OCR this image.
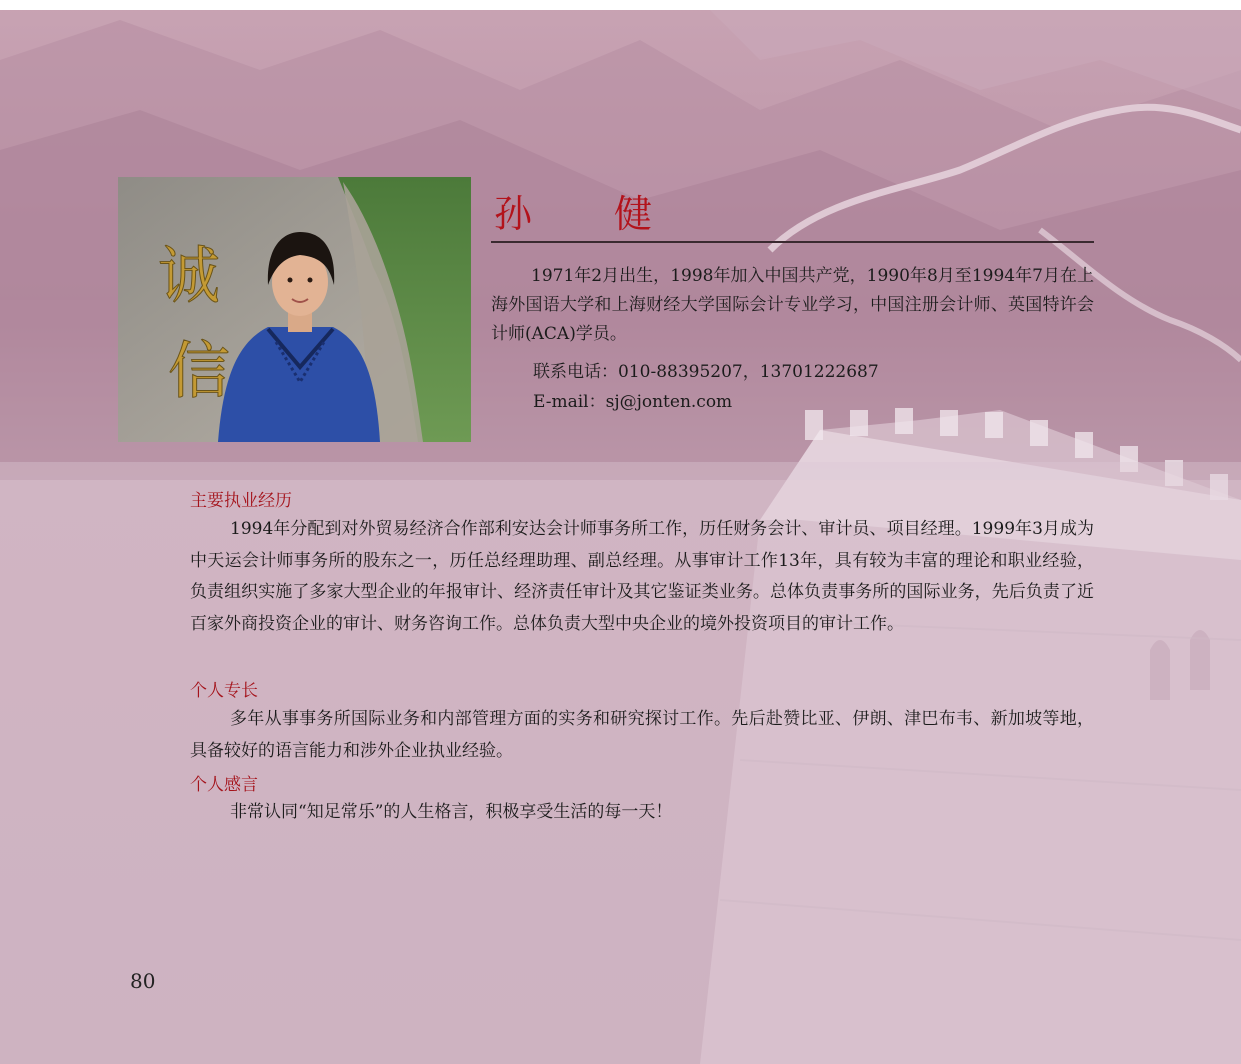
诚
信
孙　　健

1971年2月出生，1998年加入中国共产党，1990年8月至1994年7月在上海外国语大学和上海财经大学国际会计专业学习，中国注册会计师、英国特许会计师(ACA)学员。

联系电话：010-88395207，13701222687
E-mail：sj@jonten.com
主要执业经历

1994年分配到对外贸易经济合作部利安达会计师事务所工作，历任财务会计、审计员、项目经理。1999年3月成为中天运会计师事务所的股东之一，历任总经理助理、副总经理。从事审计工作13年，具有较为丰富的理论和职业经验，负责组织实施了多家大型企业的年报审计、经济责任审计及其它鉴证类业务。总体负责事务所的国际业务，先后负责了近百家外商投资企业的审计、财务咨询工作。总体负责大型中央企业的境外投资项目的审计工作。

个人专长

多年从事事务所国际业务和内部管理方面的实务和研究探讨工作。先后赴赞比亚、伊朗、津巴布韦、新加坡等地，具备较好的语言能力和涉外企业执业经验。

个人感言

非常认同“知足常乐”的人生格言，积极享受生活的每一天！

80
